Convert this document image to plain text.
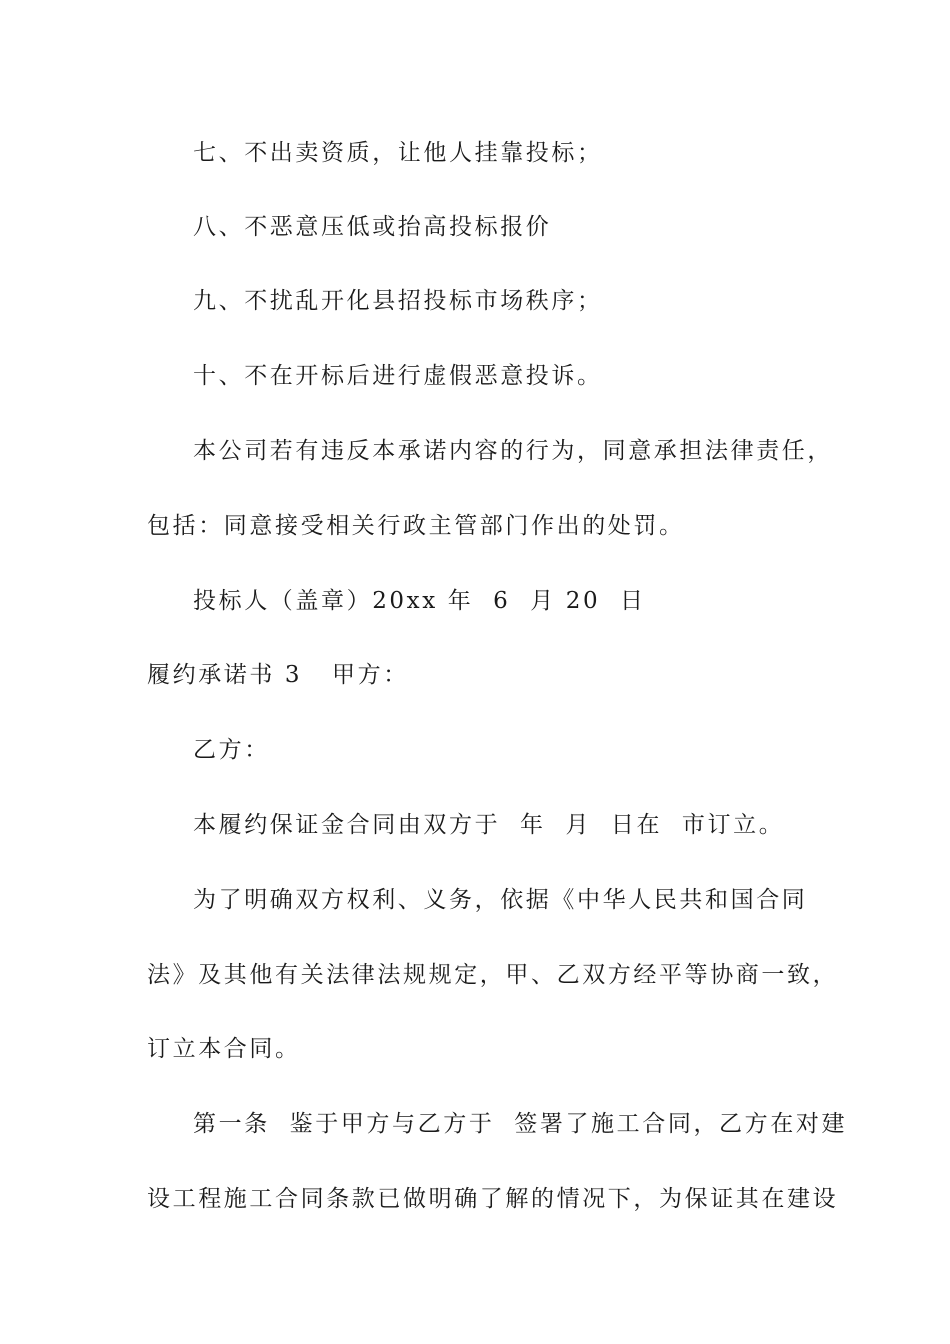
七、不出卖资质，让他人挂靠投标；
八、不恶意压低或抬高投标报价
九、不扰乱开化县招投标市场秩序；
十、不在开标后进行虚假恶意投诉。
本公司若有违反本承诺内容的行为，同意承担法律责任，
包括：同意接受相关行政主管部门作出的处罚。
投标人（盖章）20xx 年  6  月 20  日

履约承诺书 3

甲方：

乙方：
本履约保证金合同由双方于  年  月  日在  市订立。
为了明确双方权利、义务，依据《中华人民共和国合同
法》及其他有关法律法规规定，甲、乙双方经平等协商一致，
订立本合同。
第一条  鉴于甲方与乙方于  签署了施工合同，乙方在对建
设工程施工合同条款已做明确了解的情况下，为保证其在建设
